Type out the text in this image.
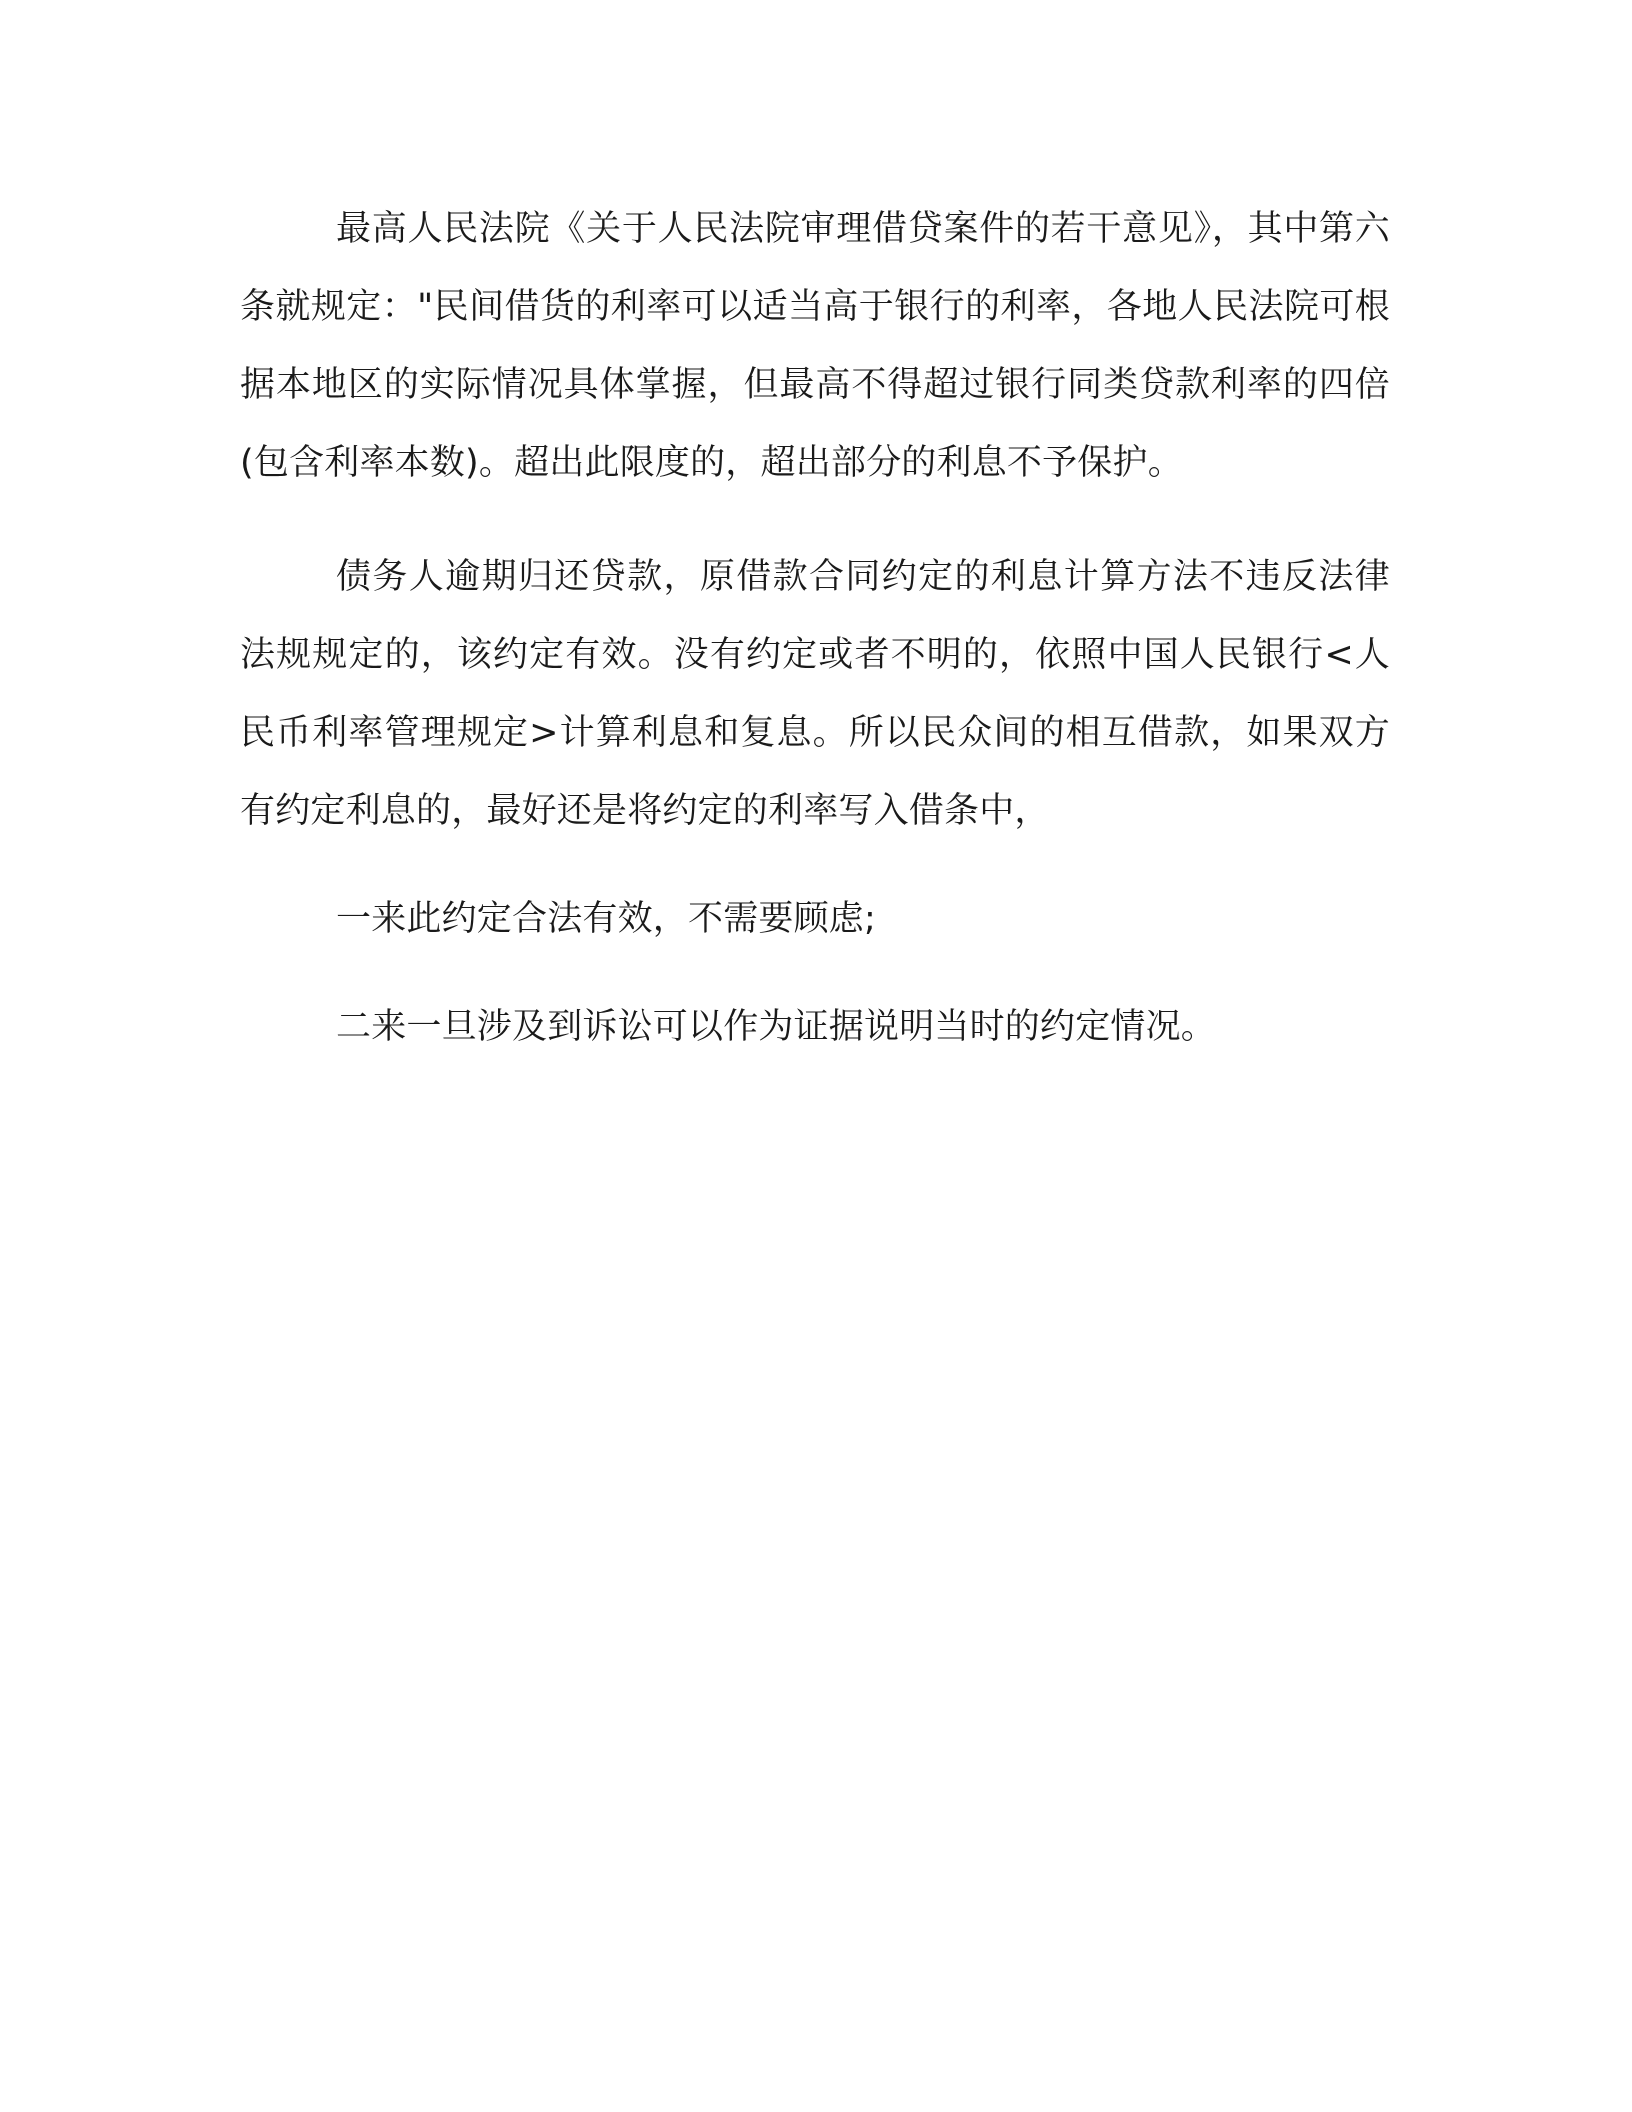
最高人民法院《关于人民法院审理借贷案件的若干意见》，其中第六条就规定："民间借货的利率可以适当高于银行的利率，各地人民法院可根据本地区的实际情况具体掌握，但最高不得超过银行同类贷款利率的四倍(包含利率本数)。超出此限度的，超出部分的利息不予保护。

债务人逾期归还贷款，原借款合同约定的利息计算方法不违反法律法规规定的，该约定有效。没有约定或者不明的，依照中国人民银行<人民币利率管理规定>计算利息和复息。所以民众间的相互借款，如果双方有约定利息的，最好还是将约定的利率写入借条中，

一来此约定合法有效，不需要顾虑;

二来一旦涉及到诉讼可以作为证据说明当时的约定情况。
